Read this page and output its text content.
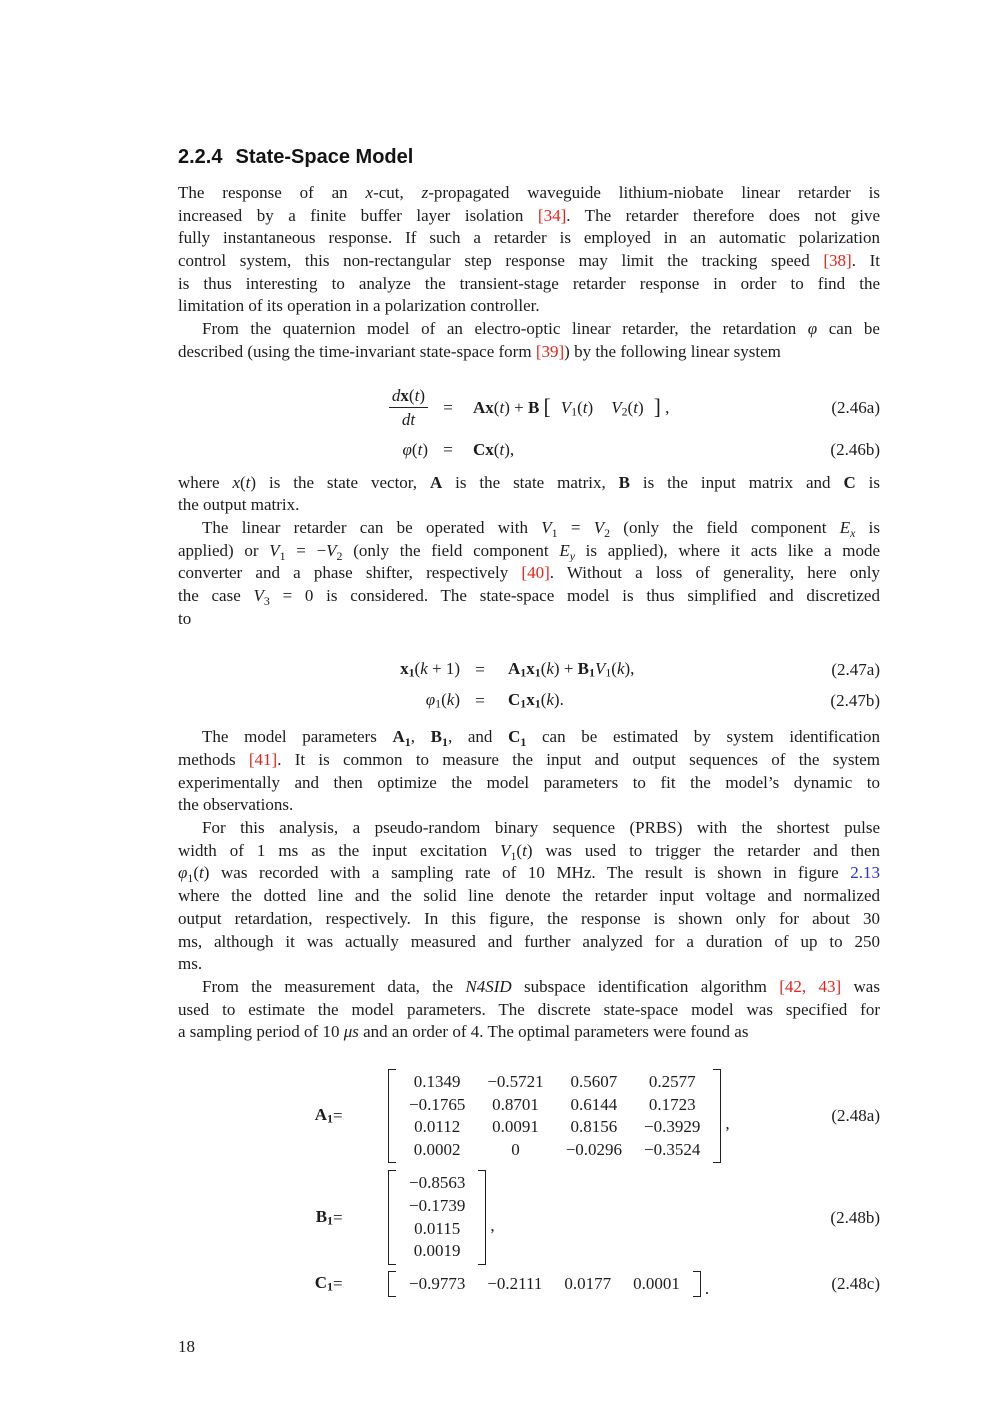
2.2.4 State-Space Model
The response of an x-cut, z-propagated waveguide lithium-niobate linear retarder is
increased by a finite buffer layer isolation [34]. The retarder therefore does not give
fully instantaneous response. If such a retarder is employed in an automatic polarization
control system, this non-rectangular step response may limit the tracking speed [38]. It
is thus interesting to analyze the transient-stage retarder response in order to find the
limitation of its operation in a polarization controller.
From the quaternion model of an electro-optic linear retarder, the retardation φ can be
described (using the time-invariant state-space form [39]) by the following linear system
$\frac{dx(t)}{dt}$ =	Ax(t) + B [ V1(t) V2(t) ] ,	(2.46a)
φ(t) =	Cx(t),	(2.46b)
where x(t) is the state vector, A is the state matrix, B is the input matrix and C is
the output matrix.
The linear retarder can be operated with $V_1 = V_2$ (only the field component $E_x$ is
applied) or $V_1 = -V_2$ (only the field component $E_y$ is applied), where it acts like a mode
converter and a phase shifter, respectively [40]. Without a loss of generality, here only
the case $V_3 = 0$ is considered. The state-space model is thus simplified and discretized
to
x1(k + 1) =	A1x1(k) + B1V1(k),	(2.47a)
φ1(k) =	C1x1(k).	(2.47b)
The model parameters $A_1$, $B_1$, and $C_1$ can be estimated by system identification
methods [41]. It is common to measure the input and output sequences of the system
experimentally and then optimize the model parameters to fit the model’s dynamic to
the observations.
For this analysis, a pseudo-random binary sequence (PRBS) with the shortest pulse
width of 1 ms as the input excitation $V_1(t)$ was used to trigger the retarder and then
$\varphi_1(t)$ was recorded with a sampling rate of 10 MHz. The result is shown in figure 2.13
where the dotted line and the solid line denote the retarder input voltage and normalized
output retardation, respectively. In this figure, the response is shown only for about 30
ms, although it was actually measured and further analyzed for a duration of up to 250
ms.
From the measurement data, the N4SID subspace identification algorithm [42, 43] was
used to estimate the model parameters. The discrete state-space model was specified for
a sampling period of 10 μs and an order of 4. The optimal parameters were found as
A1 =
0.1349 −0.5721 0.5607 0.2577
−0.1765 0.8701 0.6144 0.1723
0.0112	0.0091 0.8156 −0.3929
0.0002	0	−0.0296 −0.3524
,	(2.48a)
B1 =
−0.8563
−0.1739
0.0115
0.0019
,	(2.48b)
C1 =	−0.9773 −0.2111 0.0177 0.0001 .	(2.48c)
18
